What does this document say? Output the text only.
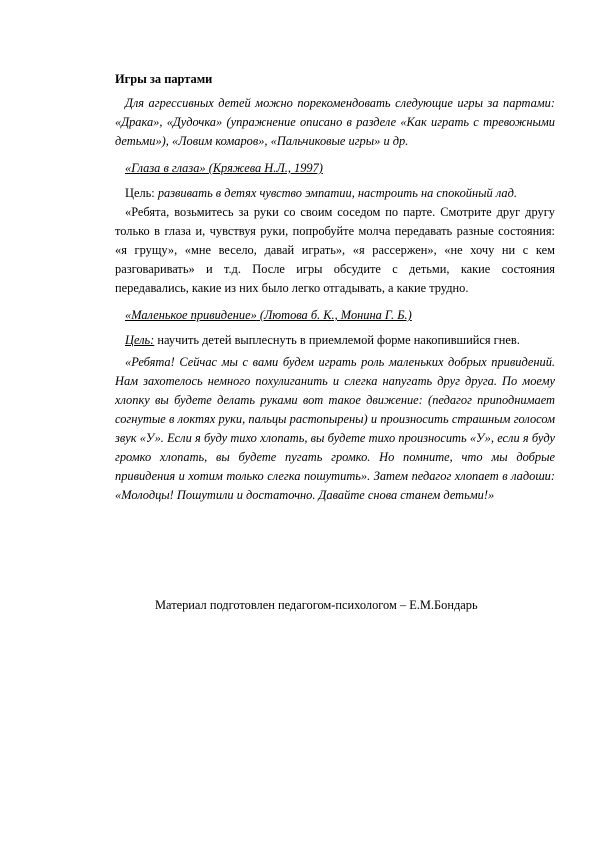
Игры за партами

Для агрессивных детей можно порекомендовать следующие игры за партами: «Драка», «Дудочка» (упражнение описано в разделе «Как играть с тревожными детьми»), «Ловим комаров», «Пальчиковые игры» и др.

«Глаза в глаза» (Кряжева Н.Л., 1997)

Цель: развивать в детях чувство эмпатии, настроить на спокойный лад.

«Ребята, возьмитесь за руки со своим соседом по парте. Смотрите друг другу только в глаза и, чувствуя руки, попробуйте молча передавать разные состояния: «я грущу», «мне весело, давай играть», «я рассержен», «не хочу ни с кем разговаривать» и т.д. После игры обсудите с детьми, какие состояния передавались, какие из них было легко отгадывать, а какие трудно.

«Маленькое привидение» (Лютова б. К., Монина Г. Б.)

Цель: научить детей выплеснуть в приемлемой форме накопившийся гнев.

«Ребята! Сейчас мы с вами будем играть роль маленьких добрых привидений. Нам захотелось немного похулиганить и слегка напугать друг друга. По моему хлопку вы будете делать руками вот такое движение: (педагог приподнимает согнутые в локтях руки, пальцы растопырены) и произносить страшным голосом звук «У». Если я буду тихо хлопать, вы будете тихо произносить «У», если я буду громко хлопать, вы будете пугать громко. Но помните, что мы добрые привидения и хотим только слегка пошутить». Затем педагог хлопает в ладоши: «Молодцы! Пошутили и достаточно. Давайте снова станем детьми!»

Материал подготовлен педагогом-психологом – Е.М.Бондарь
